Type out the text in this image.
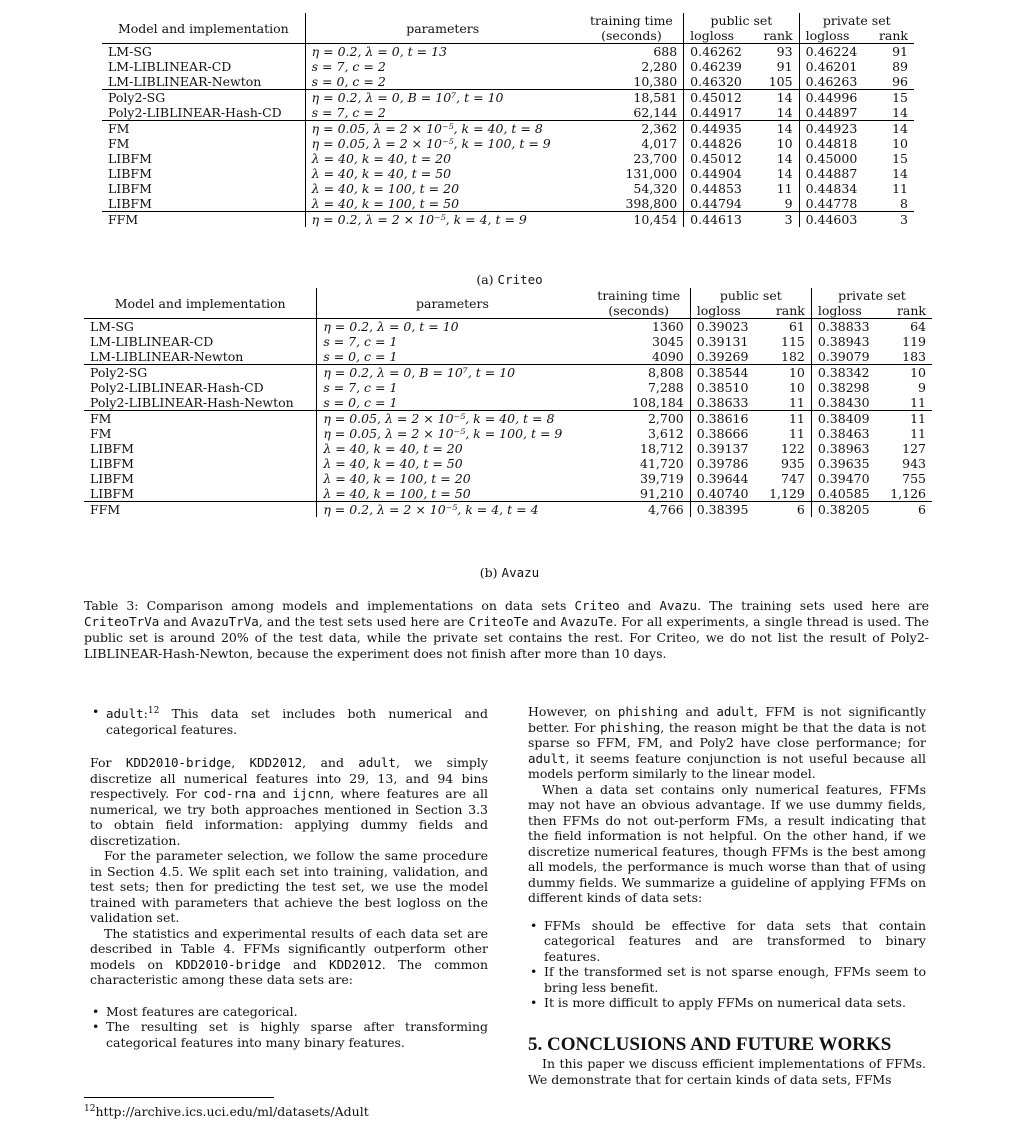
Model and implementation	parameters	training time	public set		private set	
		(seconds)	logloss	rank	logloss	rank
LM-SG	η = 0.2, λ = 0, t = 13	688	0.46262	93	0.46224	91
LM-LIBLINEAR-CD	s = 7, c = 2	2,280	0.46239	91	0.46201	89
LM-LIBLINEAR-Newton	s = 0, c = 2	10,380	0.46320	105	0.46263	96
Poly2-SG	η = 0.2, λ = 0, B = 10⁷, t = 10	18,581	0.45012	14	0.44996	15
Poly2-LIBLINEAR-Hash-CD	s = 7, c = 2	62,144	0.44917	14	0.44897	14
FM	η = 0.05, λ = 2 × 10⁻⁵, k = 40, t = 8	2,362	0.44935	14	0.44923	14
FM	η = 0.05, λ = 2 × 10⁻⁵, k = 100, t = 9	4,017	0.44826	10	0.44818	10
LIBFM	λ = 40, k = 40, t = 20	23,700	0.45012	14	0.45000	15
LIBFM	λ = 40, k = 40, t = 50	131,000	0.44904	14	0.44887	14
LIBFM	λ = 40, k = 100, t = 20	54,320	0.44853	11	0.44834	11
LIBFM	λ = 40, k = 100, t = 50	398,800	0.44794	9	0.44778	8
FFM	η = 0.2, λ = 2 × 10⁻⁵, k = 4, t = 9	10,454	0.44613	3	0.44603	3
(a) Criteo
Model and implementation	parameters	training time	public set		private set	
		(seconds)	logloss	rank	logloss	rank
LM-SG	η = 0.2, λ = 0, t = 10	1360	0.39023	61	0.38833	64
LM-LIBLINEAR-CD	s = 7, c = 1	3045	0.39131	115	0.38943	119
LM-LIBLINEAR-Newton	s = 0, c = 1	4090	0.39269	182	0.39079	183
Poly2-SG	η = 0.2, λ = 0, B = 10⁷, t = 10	8,808	0.38544	10	0.38342	10
Poly2-LIBLINEAR-Hash-CD	s = 7, c = 1	7,288	0.38510	10	0.38298	9
Poly2-LIBLINEAR-Hash-Newton	s = 0, c = 1	108,184	0.38633	11	0.38430	11
FM	η = 0.05, λ = 2 × 10⁻⁵, k = 40, t = 8	2,700	0.38616	11	0.38409	11
FM	η = 0.05, λ = 2 × 10⁻⁵, k = 100, t = 9	3,612	0.38666	11	0.38463	11
LIBFM	λ = 40, k = 40, t = 20	18,712	0.39137	122	0.38963	127
LIBFM	λ = 40, k = 40, t = 50	41,720	0.39786	935	0.39635	943
LIBFM	λ = 40, k = 100, t = 20	39,719	0.39644	747	0.39470	755
LIBFM	λ = 40, k = 100, t = 50	91,210	0.40740	1,129	0.40585	1,126
FFM	η = 0.2, λ = 2 × 10⁻⁵, k = 4, t = 4	4,766	0.38395	6	0.38205	6
(b) Avazu
Table 3: Comparison among models and implementations on data sets Criteo and Avazu. The training sets used here are CriteoTrVa and AvazuTrVa, and the test sets used here are CriteoTe and AvazuTe. For all experiments, a single thread is used. The public set is around 20% of the test data, while the private set contains the rest. For Criteo, we do not list the result of Poly2-LIBLINEAR-Hash-Newton, because the experiment does not finish after more than 10 days.

• adult:$^{12}$ This data set includes both numerical and categorical features.

For KDD2010-bridge, KDD2012, and adult, we simply discretize all numerical features into 29, 13, and 94 bins respectively. For cod-rna and ijcnn, where features are all numerical, we try both approaches mentioned in Section 3.3 to obtain field information: applying dummy fields and discretization.

For the parameter selection, we follow the same procedure in Section 4.5. We split each set into training, validation, and test sets; then for predicting the test set, we use the model trained with parameters that achieve the best logloss on the validation set.

The statistics and experimental results of each data set are described in Table 4. FFMs significantly outperform other models on KDD2010-bridge and KDD2012. The common characteristic among these data sets are:

• Most features are categorical.

• The resulting set is highly sparse after transforming categorical features into many binary features.

$^{12}$http://archive.ics.uci.edu/ml/datasets/Adult

However, on phishing and adult, FFM is not significantly better. For phishing, the reason might be that the data is not sparse so FFM, FM, and Poly2 have close performance; for adult, it seems feature conjunction is not useful because all models perform similarly to the linear model.

When a data set contains only numerical features, FFMs may not have an obvious advantage. If we use dummy fields, then FFMs do not out-perform FMs, a result indicating that the field information is not helpful. On the other hand, if we discretize numerical features, though FFMs is the best among all models, the performance is much worse than that of using dummy fields. We summarize a guideline of applying FFMs on different kinds of data sets:

• FFMs should be effective for data sets that contain categorical features and are transformed to binary features.

• If the transformed set is not sparse enough, FFMs seem to bring less benefit.

• It is more difficult to apply FFMs on numerical data sets.

5. CONCLUSIONS AND FUTURE WORKS

In this paper we discuss efficient implementations of FFMs. We demonstrate that for certain kinds of data sets, FFMs
